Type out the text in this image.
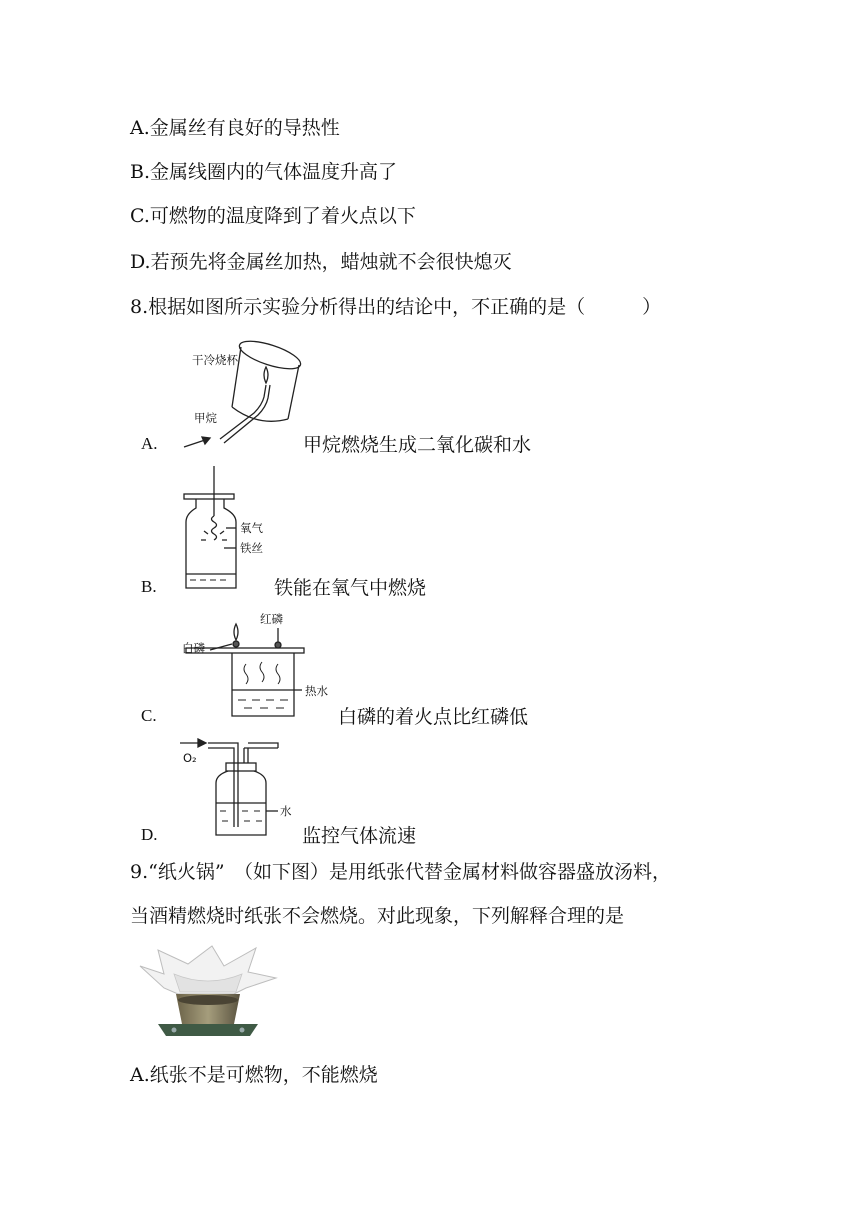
A.金属丝有良好的导热性
B.金属线圈内的气体温度升高了
C.可燃物的温度降到了着火点以下
D.若预先将金属丝加热，蜡烛就不会很快熄灭
8.根据如图所示实验分析得出的结论中，不正确的是（　　　）
A.
干冷烧杯
甲烷
甲烷燃烧生成二氧化碳和水
B.
氧气
铁丝
铁能在氧气中燃烧
C.
红磷
白磷
热水
白磷的着火点比红磷低
D.
O₂
水
监控气体流速
9.“纸火锅”　（如下图）是用纸张代替金属材料做容器盛放汤料，
当酒精燃烧时纸张不会燃烧。对此现象，下列解释合理的是
A.纸张不是可燃物，不能燃烧
